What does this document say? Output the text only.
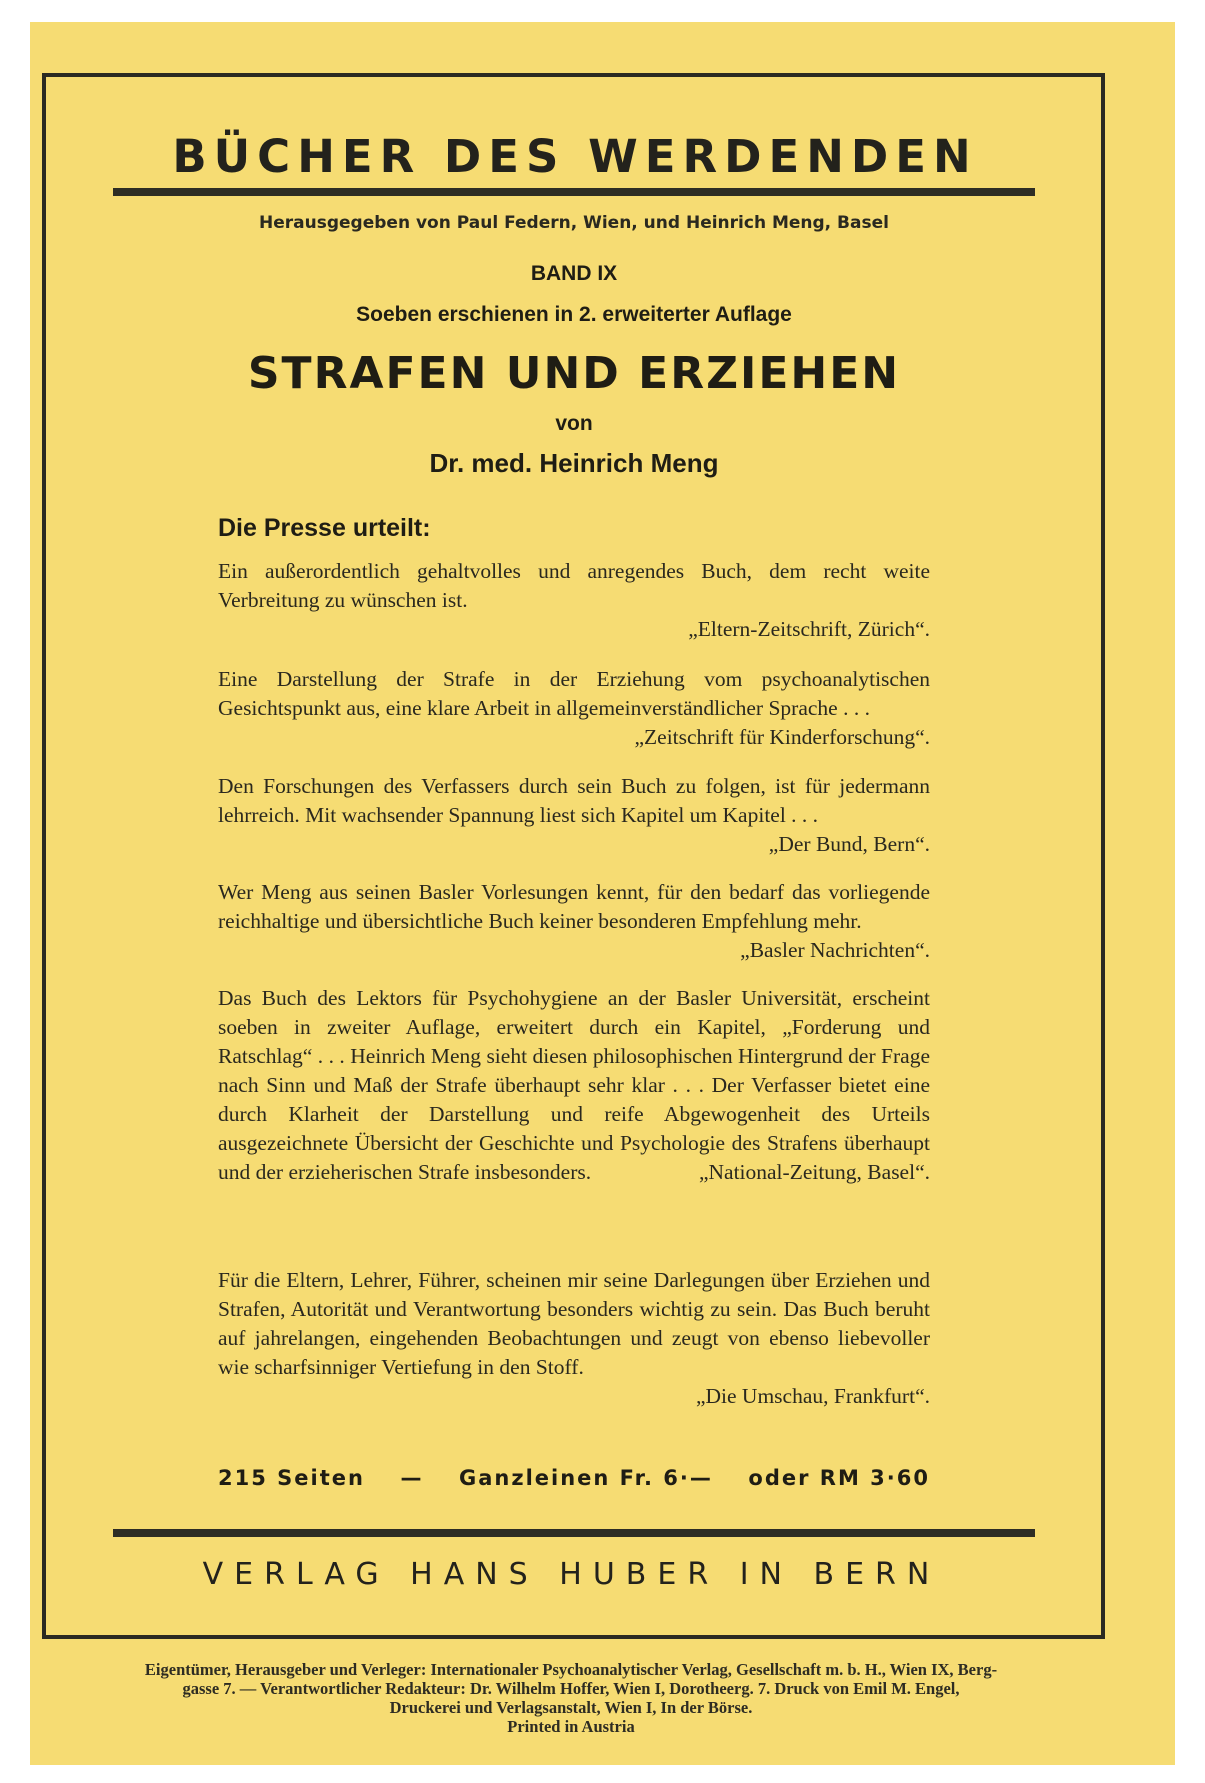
BÜCHER DES WERDENDEN
Herausgegeben von Paul Federn, Wien, und Heinrich Meng, Basel
BAND IX
Soeben erschienen in 2. erweiterter Auflage
STRAFEN UND ERZIEHEN
von
Dr. med. Heinrich Meng
Die Presse urteilt:
Ein außerordentlich gehaltvolles und anregendes Buch, dem recht weite Verbreitung zu wünschen ist.
„Eltern-Zeitschrift, Zürich“.
Eine Darstellung der Strafe in der Erziehung vom psychoanalytischen Gesichtspunkt aus, eine klare Arbeit in allgemeinverständlicher Sprache . . .
„Zeitschrift für Kinderforschung“.
Den Forschungen des Verfassers durch sein Buch zu folgen, ist für jedermann lehrreich. Mit wachsender Spannung liest sich Kapitel um Kapitel . . .
„Der Bund, Bern“.
Wer Meng aus seinen Basler Vorlesungen kennt, für den bedarf das vorliegende reichhaltige und übersichtliche Buch keiner besonderen Empfehlung mehr.
„Basler Nachrichten“.
Das Buch des Lektors für Psychohygiene an der Basler Universität, erscheint soeben in zweiter Auflage, erweitert durch ein Kapitel, „Forderung und Ratschlag“ . . . Heinrich Meng sieht diesen philosophischen Hintergrund der Frage nach Sinn und Maß der Strafe überhaupt sehr klar . . . Der Verfasser bietet eine durch Klarheit der Darstellung und reife Abgewogenheit des Urteils ausgezeichnete Übersicht der Geschichte und Psychologie des Strafens überhaupt und der erzieherischen Strafe insbesonders.	„National-Zeitung, Basel“.
Für die Eltern, Lehrer, Führer, scheinen mir seine Darlegungen über Erziehen und Strafen, Autorität und Verantwortung besonders wichtig zu sein. Das Buch beruht auf jahrelangen, eingehenden Beobachtungen und zeugt von ebenso liebevoller wie scharfsinniger Vertiefung in den Stoff.
„Die Umschau, Frankfurt“.
215 Seiten — Ganzleinen Fr. 6·— oder RM 3·60
VERLAG HANS HUBER IN BERN
Eigentümer, Herausgeber und Verleger: Internationaler Psychoanalytischer Verlag, Gesellschaft m. b. H., Wien IX, Berg-
gasse 7. — Verantwortlicher Redakteur: Dr. Wilhelm Hoffer, Wien I, Dorotheerg. 7. Druck von Emil M. Engel,
Druckerei und Verlagsanstalt, Wien I, In der Börse.
Printed in Austria
